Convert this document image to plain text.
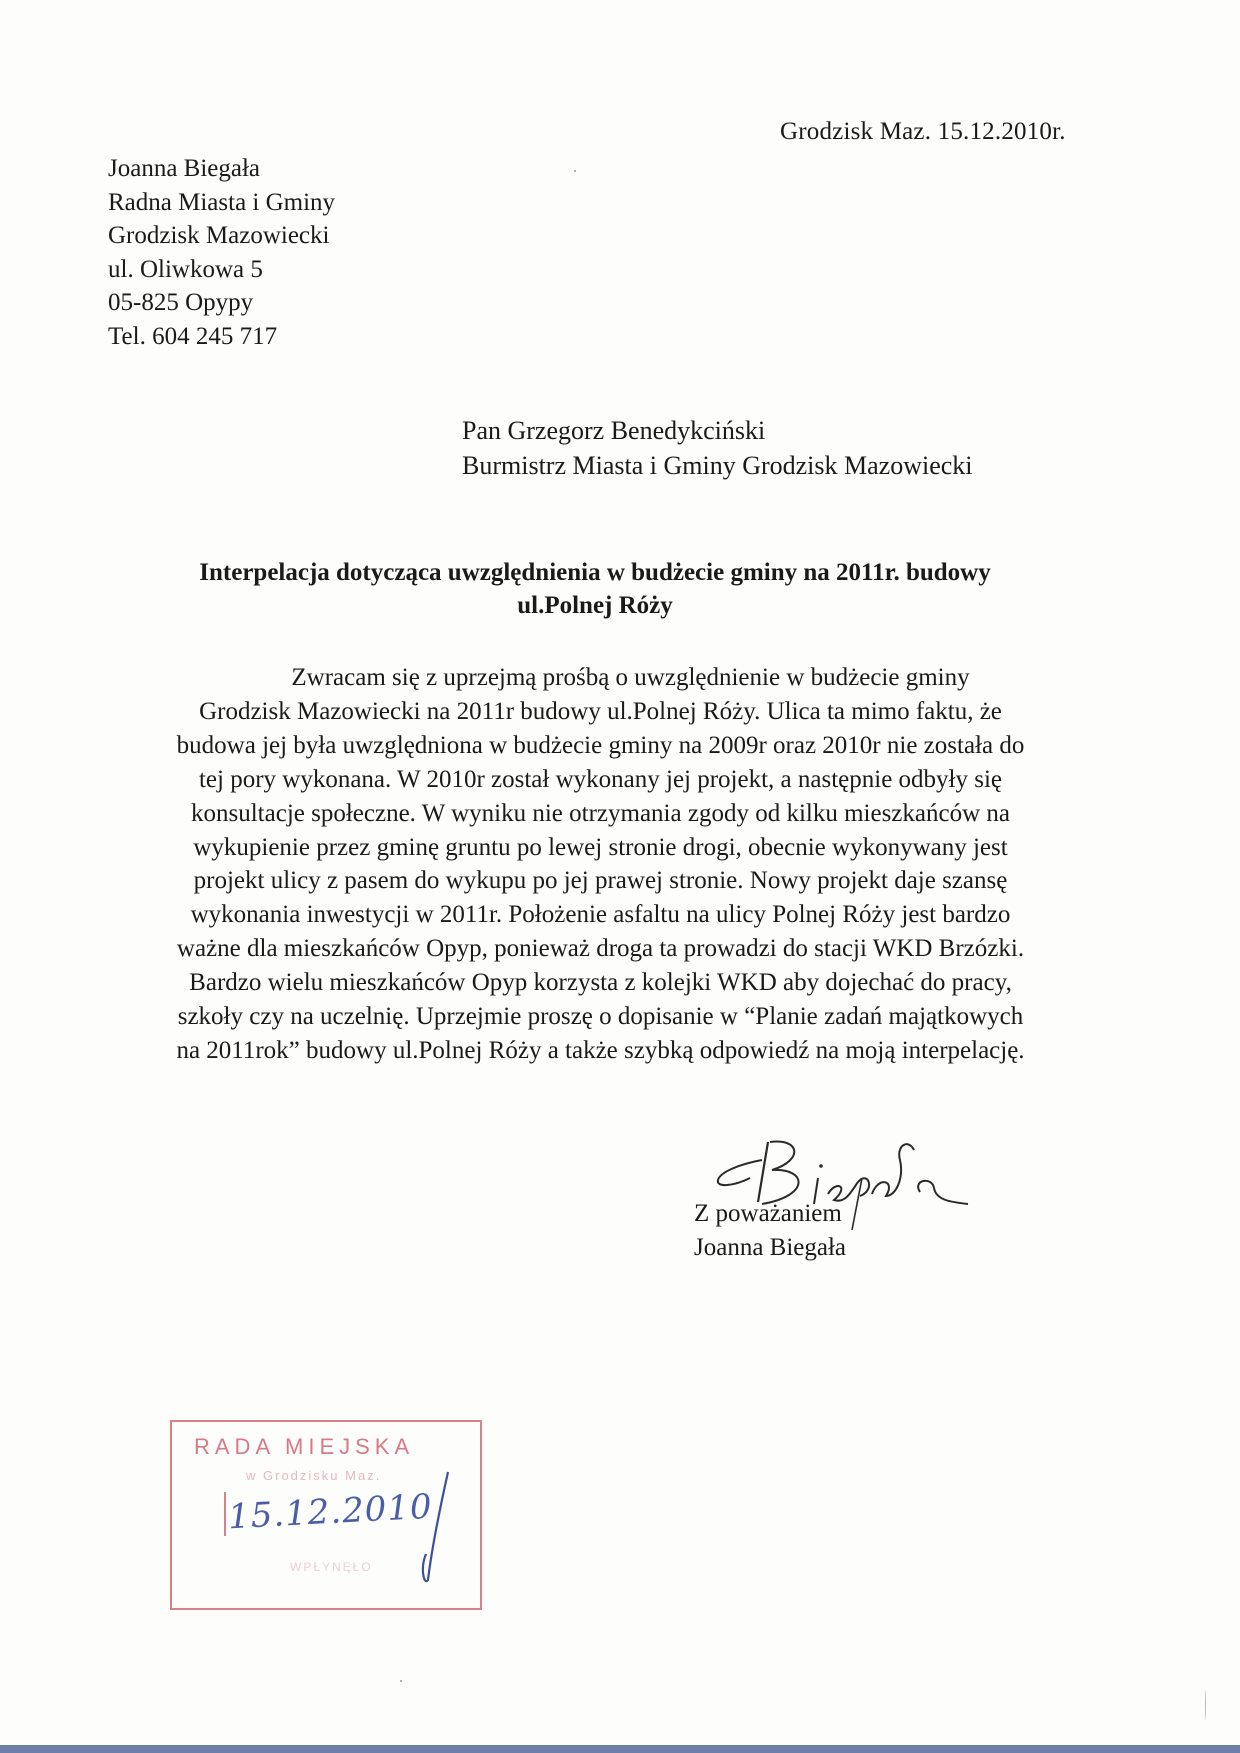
Grodzisk Maz. 15.12.2010r.
Joanna Biegała
Radna Miasta i Gminy
Grodzisk Mazowiecki
ul. Oliwkowa 5
05-825 Opypy
Tel. 604 245 717
Pan Grzegorz Benedykciński
Burmistrz Miasta i Gminy Grodzisk Mazowiecki
Interpelacja dotycząca uwzględnienia w budżecie gminy na 2011r. budowy
ul.Polnej Róży
Zwracam się z uprzejmą prośbą o uwzględnienie w budżecie gminy
Grodzisk Mazowiecki na 2011r budowy ul.Polnej Róży. Ulica ta mimo faktu, że
budowa jej była uwzględniona w budżecie gminy na 2009r oraz 2010r nie została do
tej pory wykonana. W 2010r został wykonany jej projekt, a następnie odbyły się
konsultacje społeczne. W wyniku nie otrzymania zgody od kilku mieszkańców na
wykupienie przez gminę gruntu po lewej stronie drogi, obecnie wykonywany jest
projekt ulicy z pasem do wykupu po jej prawej stronie. Nowy projekt daje szansę
wykonania inwestycji w 2011r. Położenie asfaltu na ulicy Polnej Róży jest bardzo
ważne dla mieszkańców Opyp, ponieważ droga ta prowadzi do stacji WKD Brzózki.
Bardzo wielu mieszkańców Opyp korzysta z kolejki WKD aby dojechać do pracy,
szkoły czy na uczelnię. Uprzejmie proszę o dopisanie w “Planie zadań majątkowych
na 2011rok” budowy ul.Polnej Róży a także szybką odpowiedź na moją interpelację.
Z poważaniem
Joanna Biegała
RADA MIEJSKA
w Grodzisku Maz.
15.12.2010
WPŁYNĘŁO
